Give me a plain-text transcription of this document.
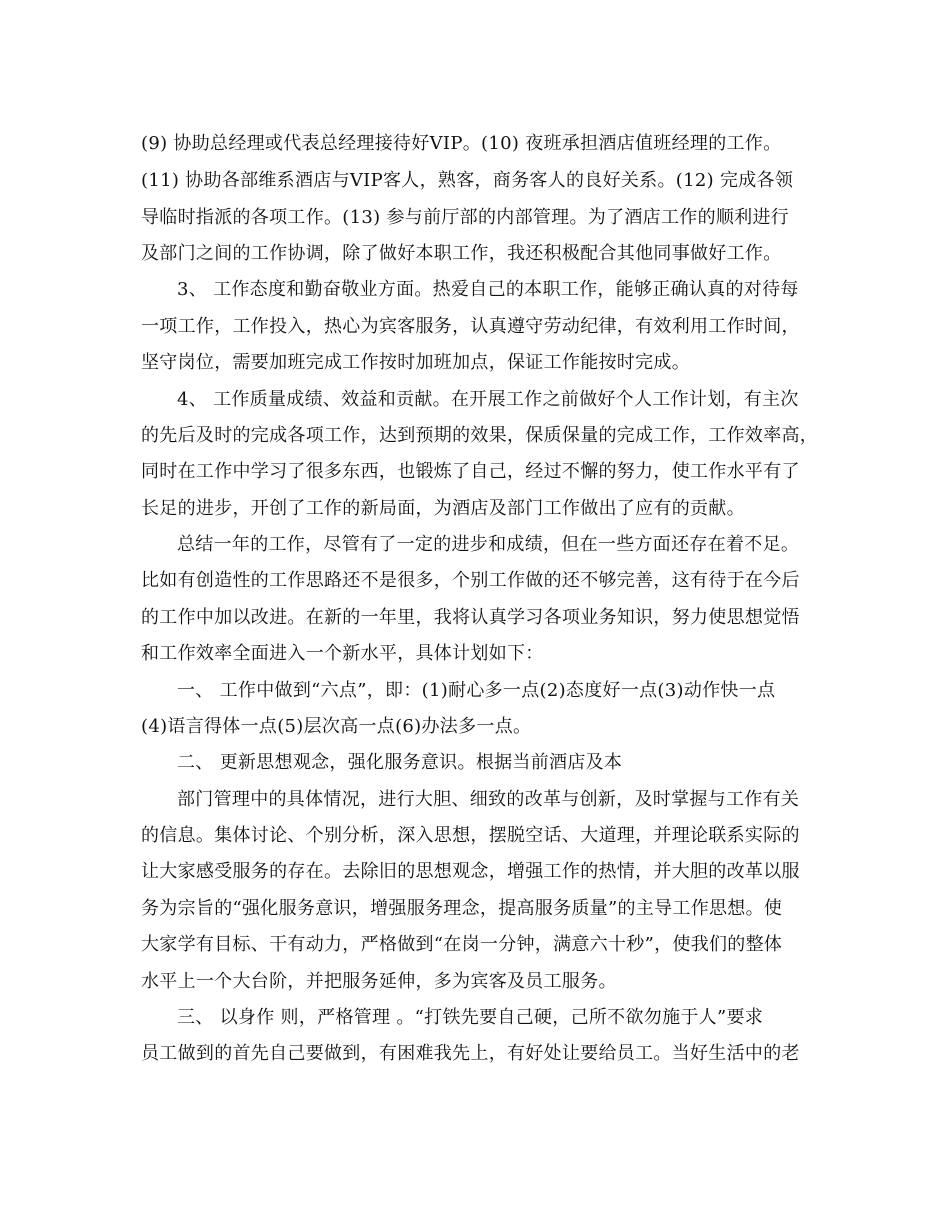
(9) 协助总经理或代表总经理接待好VIP。(10) 夜班承担酒店值班经理的工作。
(11) 协助各部维系酒店与VIP客人，熟客，商务客人的良好关系。(12) 完成各领
导临时指派的各项工作。(13) 参与前厅部的内部管理。为了酒店工作的顺利进行
及部门之间的工作协调，除了做好本职工作，我还积极配合其他同事做好工作。
3、 工作态度和勤奋敬业方面。热爱自己的本职工作，能够正确认真的对待每
一项工作，工作投入，热心为宾客服务，认真遵守劳动纪律，有效利用工作时间，
坚守岗位，需要加班完成工作按时加班加点，保证工作能按时完成。
4、 工作质量成绩、效益和贡献。在开展工作之前做好个人工作计划，有主次
的先后及时的完成各项工作，达到预期的效果，保质保量的完成工作，工作效率高，
同时在工作中学习了很多东西，也锻炼了自己，经过不懈的努力，使工作水平有了
长足的进步，开创了工作的新局面，为酒店及部门工作做出了应有的贡献。
总结一年的工作，尽管有了一定的进步和成绩，但在一些方面还存在着不足。
比如有创造性的工作思路还不是很多，个别工作做的还不够完善，这有待于在今后
的工作中加以改进。在新的一年里，我将认真学习各项业务知识，努力使思想觉悟
和工作效率全面进入一个新水平，具体计划如下：
一、 工作中做到“六点”，即：(1)耐心多一点(2)态度好一点(3)动作快一点
(4)语言得体一点(5)层次高一点(6)办法多一点。
二、 更新思想观念，强化服务意识。根据当前酒店及本
部门管理中的具体情况，进行大胆、细致的改革与创新，及时掌握与工作有关
的信息。集体讨论、个别分析，深入思想，摆脱空话、大道理，并理论联系实际的
让大家感受服务的存在。去除旧的思想观念，增强工作的热情，并大胆的改革以服
务为宗旨的“强化服务意识，增强服务理念，提高服务质量”的主导工作思想。使
大家学有目标、干有动力，严格做到“在岗一分钟，满意六十秒”，使我们的整体
水平上一个大台阶，并把服务延伸，多为宾客及员工服务。
三、 以身作 则，严格管理 。“打铁先要自己硬，己所不欲勿施于人”要求
员工做到的首先自己要做到，有困难我先上，有好处让要给员工。当好生活中的老
